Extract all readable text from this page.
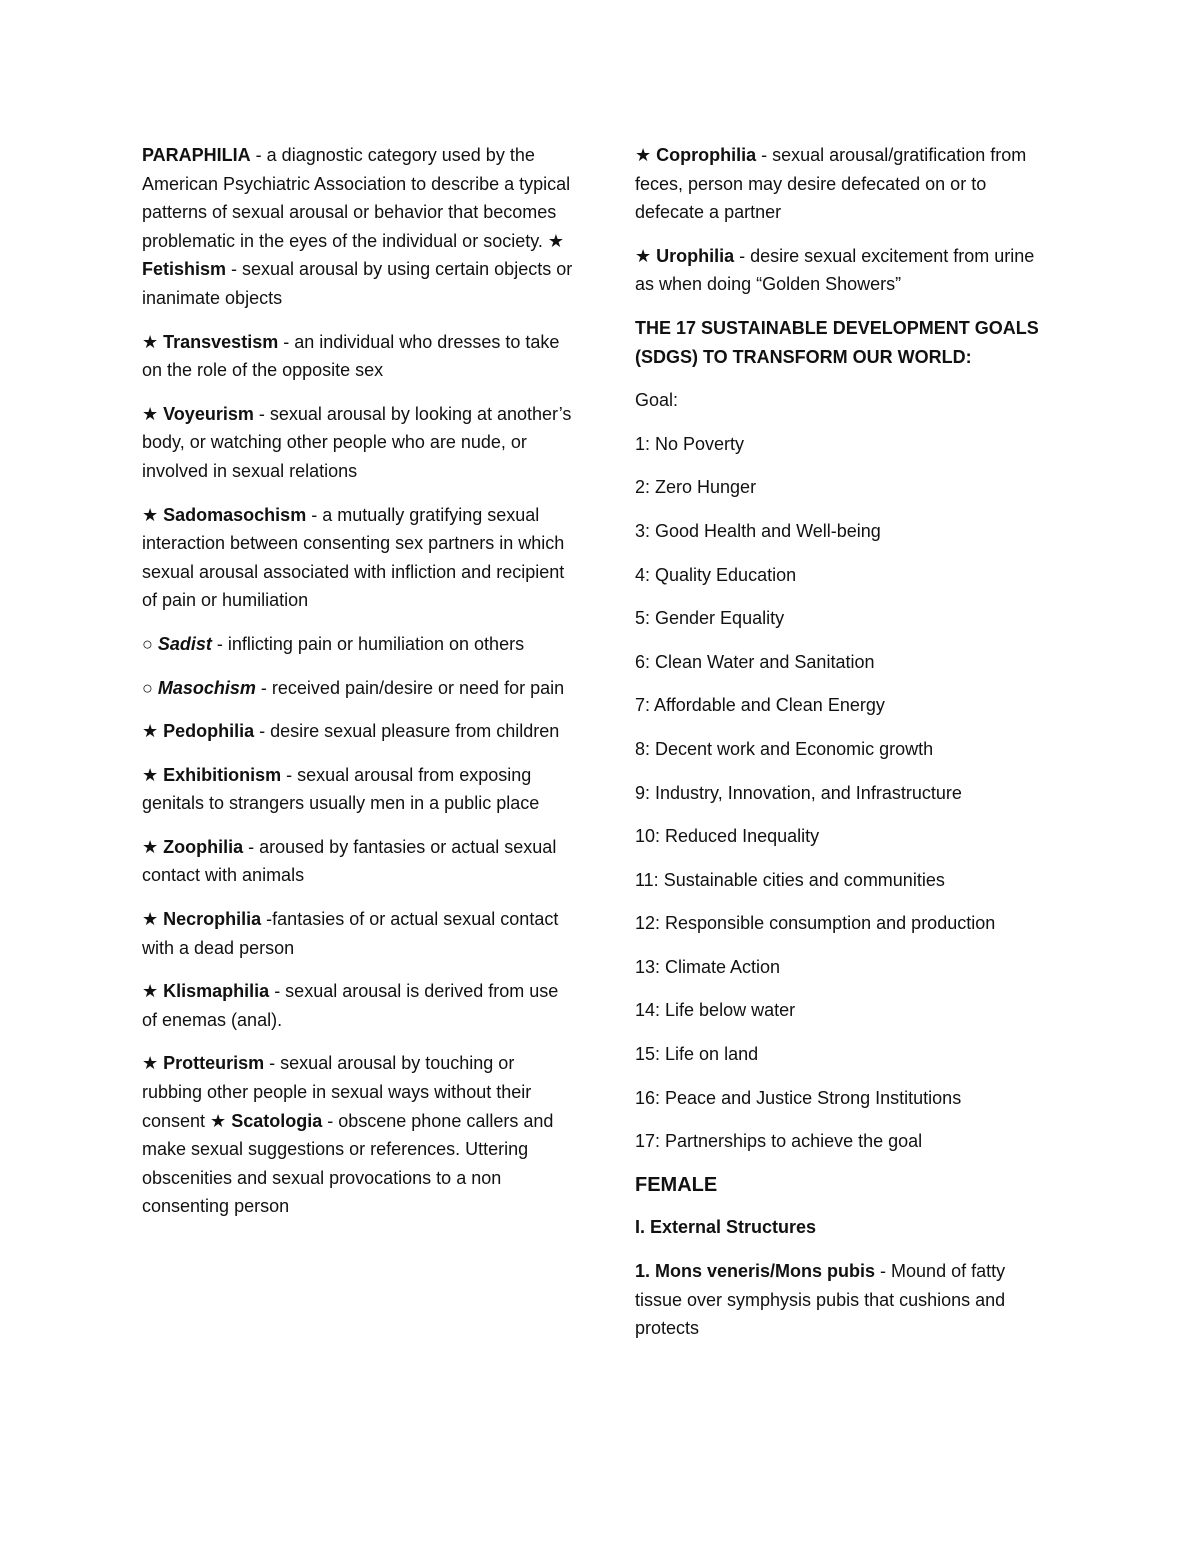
PARAPHILIA - a diagnostic category used by the American Psychiatric Association to describe a typical patterns of sexual arousal or behavior that becomes problematic in the eyes of the individual or society. ★ Fetishism - sexual arousal by using certain objects or inanimate objects

★ Transvestism - an individual who dresses to take on the role of the opposite sex

★ Voyeurism - sexual arousal by looking at another’s body, or watching other people who are nude, or involved in sexual relations

★ Sadomasochism - a mutually gratifying sexual interaction between consenting sex partners in which sexual arousal associated with infliction and recipient of pain or humiliation

○ Sadist - inflicting pain or humiliation on others

○ Masochism - received pain/desire or need for pain

★ Pedophilia - desire sexual pleasure from children

★ Exhibitionism - sexual arousal from exposing genitals to strangers usually men in a public place

★ Zoophilia - aroused by fantasies or actual sexual contact with animals

★ Necrophilia -fantasies of or actual sexual contact with a dead person

★ Klismaphilia - sexual arousal is derived from use of enemas (anal).

★ Protteurism - sexual arousal by touching or rubbing other people in sexual ways without their consent ★ Scatologia - obscene phone callers and make sexual suggestions or references. Uttering obscenities and sexual provocations to a non consenting person

★ Coprophilia - sexual arousal/gratification from feces, person may desire defecated on or to defecate a partner

★ Urophilia - desire sexual excitement from urine as when doing “Golden Showers”

THE 17 SUSTAINABLE DEVELOPMENT GOALS (SDGS) TO TRANSFORM OUR WORLD:

Goal:

1: No Poverty

2: Zero Hunger

3: Good Health and Well-being

4: Quality Education

5: Gender Equality

6: Clean Water and Sanitation

7: Affordable and Clean Energy

8: Decent work and Economic growth

9: Industry, Innovation, and Infrastructure

10: Reduced Inequality

11: Sustainable cities and communities

12: Responsible consumption and production

13: Climate Action

14: Life below water

15: Life on land

16: Peace and Justice Strong Institutions

17: Partnerships to achieve the goal

FEMALE

I. External Structures

1. Mons veneris/Mons pubis - Mound of fatty tissue over symphysis pubis that cushions and protects
